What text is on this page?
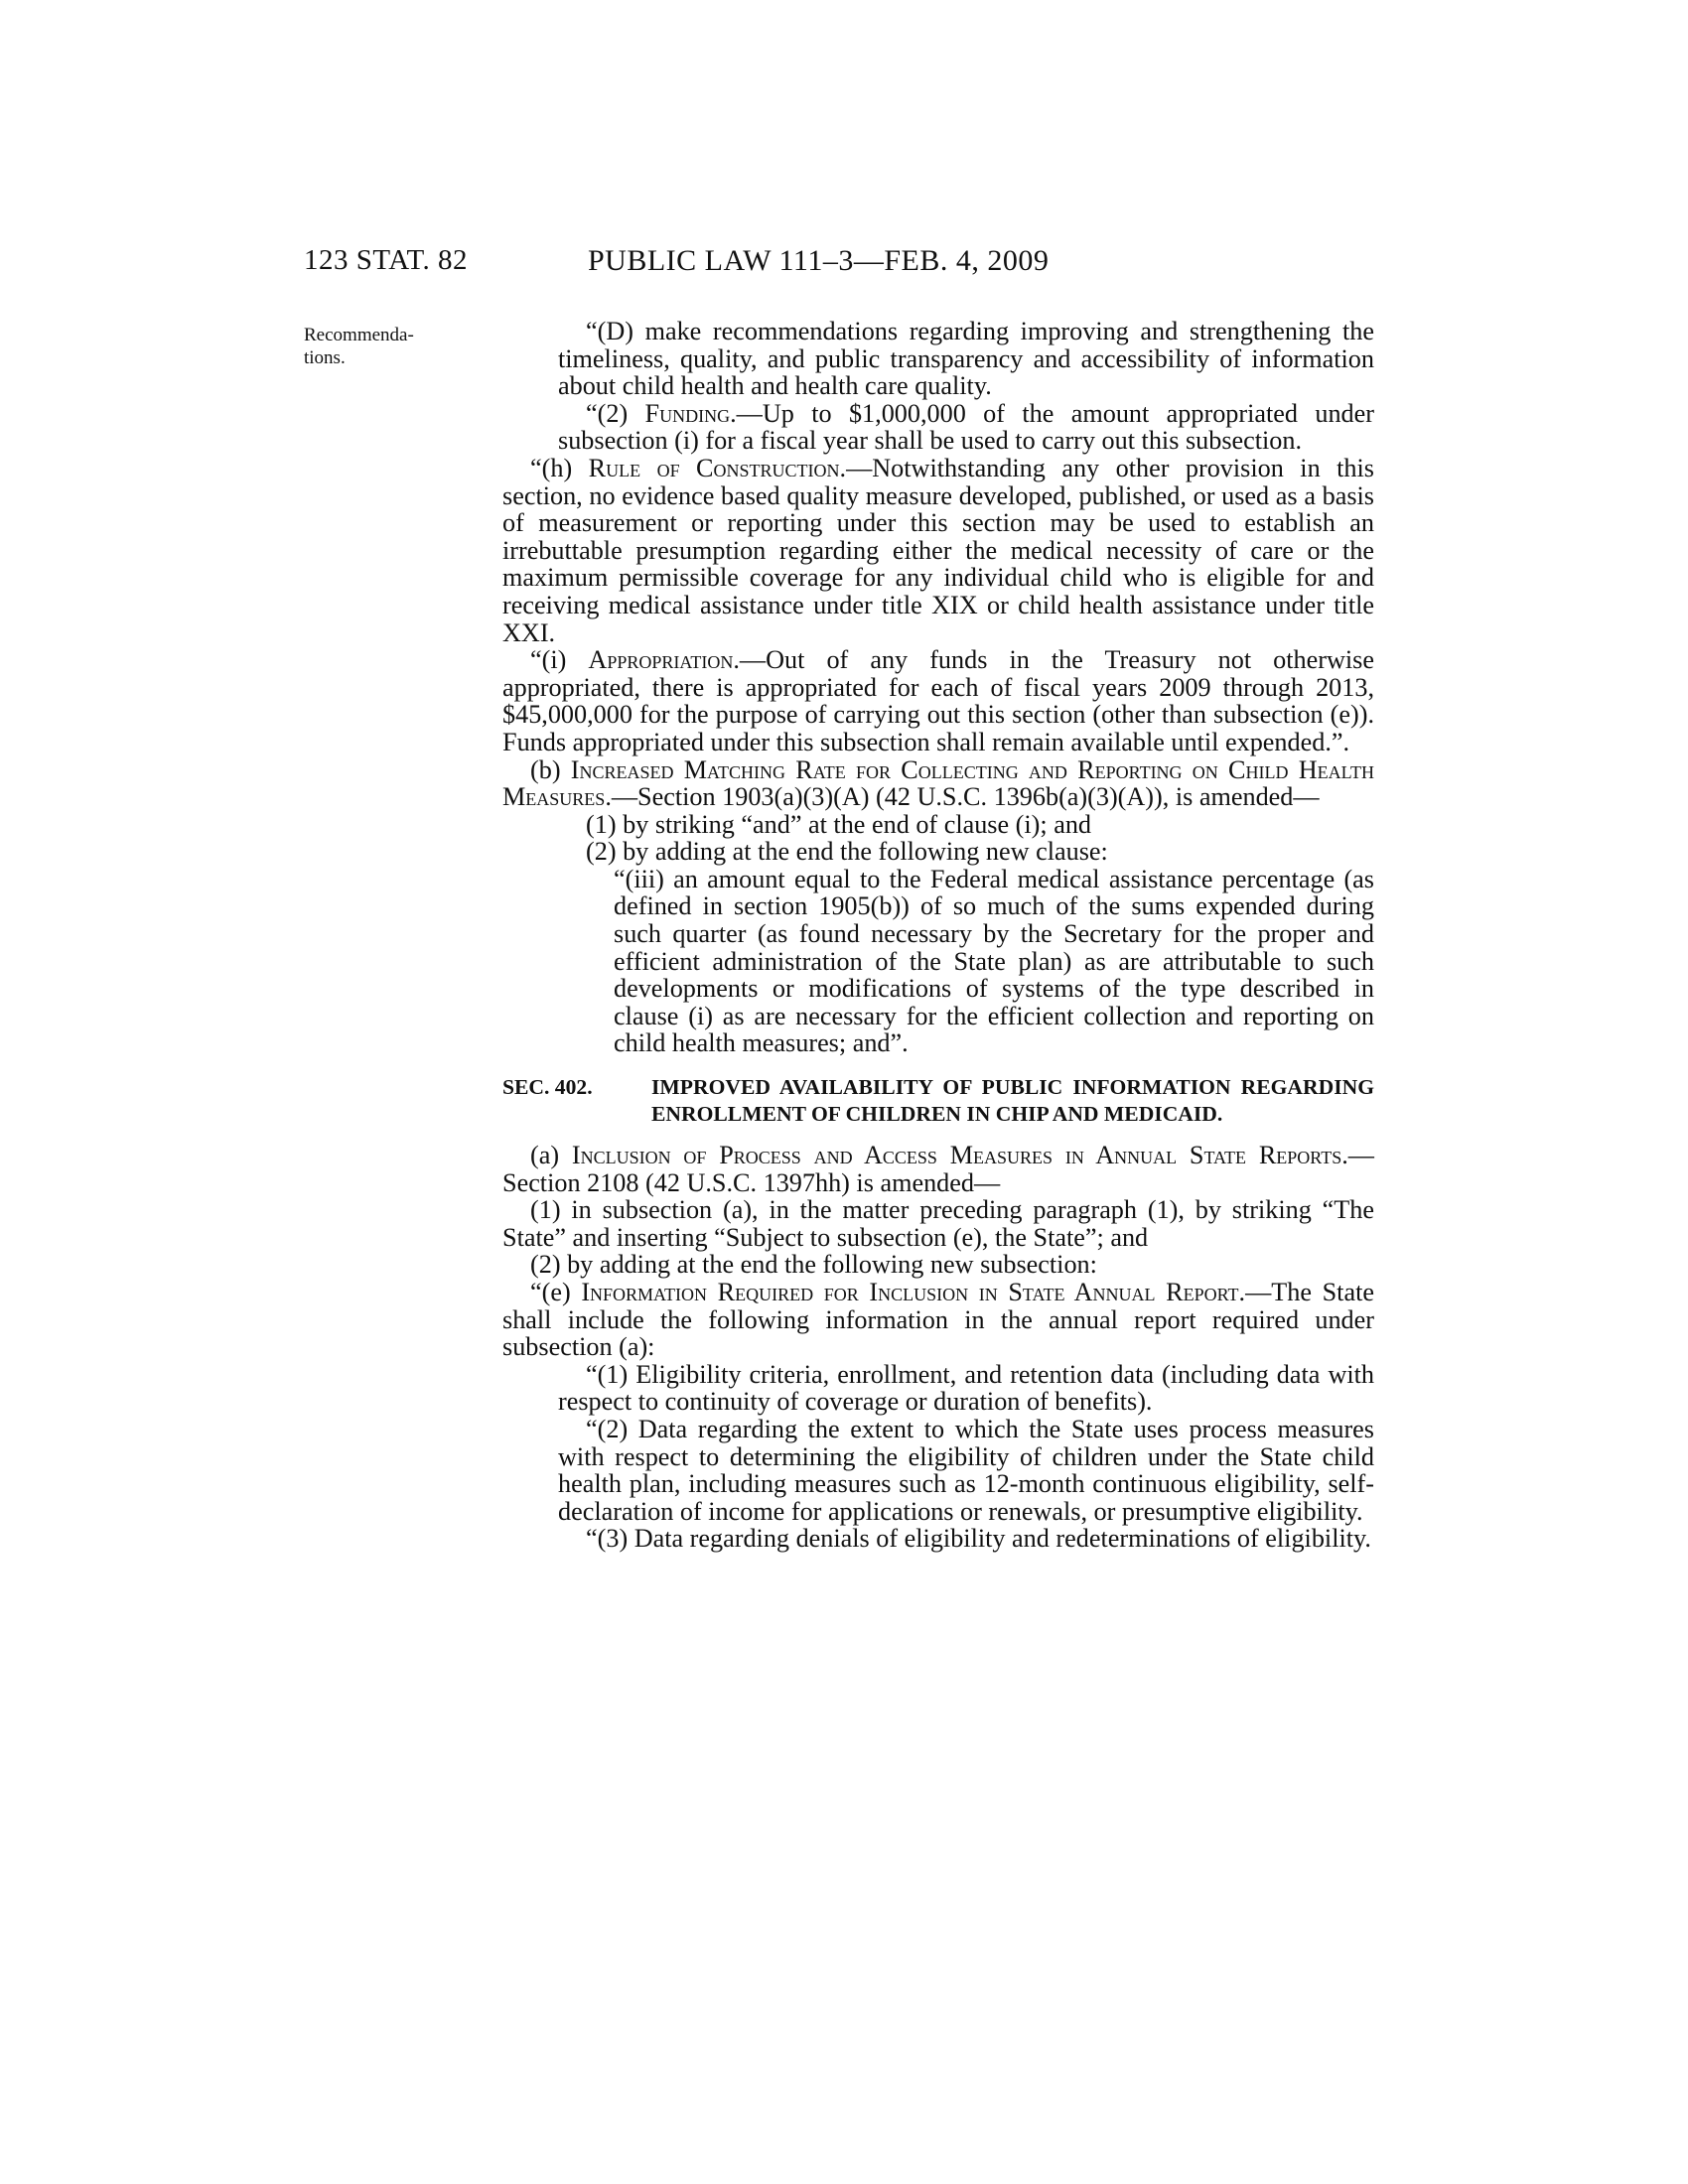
123 STAT. 82	PUBLIC LAW 111–3—FEB. 4, 2009
Recommenda-tions.

“(D) make recommendations regarding improving and strengthening the timeliness, quality, and public transparency and accessibility of information about child health and health care quality.

“(2) Funding.—Up to $1,000,000 of the amount appropriated under subsection (i) for a fiscal year shall be used to carry out this subsection.

“(h) Rule of Construction.—Notwithstanding any other provision in this section, no evidence based quality measure developed, published, or used as a basis of measurement or reporting under this section may be used to establish an irrebuttable presumption regarding either the medical necessity of care or the maximum permissible coverage for any individual child who is eligible for and receiving medical assistance under title XIX or child health assistance under title XXI.

“(i) Appropriation.—Out of any funds in the Treasury not otherwise appropriated, there is appropriated for each of fiscal years 2009 through 2013, $45,000,000 for the purpose of carrying out this section (other than subsection (e)). Funds appropriated under this subsection shall remain available until expended.”.

(b) Increased Matching Rate for Collecting and Reporting on Child Health Measures.—Section 1903(a)(3)(A) (42 U.S.C. 1396b(a)(3)(A)), is amended—

(1) by striking “and” at the end of clause (i); and

(2) by adding at the end the following new clause:

“(iii) an amount equal to the Federal medical assistance percentage (as defined in section 1905(b)) of so much of the sums expended during such quarter (as found necessary by the Secretary for the proper and efficient administration of the State plan) as are attributable to such developments or modifications of systems of the type described in clause (i) as are necessary for the efficient collection and reporting on child health measures; and”.

SEC. 402.	IMPROVED AVAILABILITY OF PUBLIC INFORMATION REGARDING ENROLLMENT OF CHILDREN IN CHIP AND MEDICAID.

(a) Inclusion of Process and Access Measures in Annual State Reports.—Section 2108 (42 U.S.C. 1397hh) is amended—

(1) in subsection (a), in the matter preceding paragraph (1), by striking “The State” and inserting “Subject to subsection (e), the State”; and

(2) by adding at the end the following new subsection:

“(e) Information Required for Inclusion in State Annual Report.—The State shall include the following information in the annual report required under subsection (a):

“(1) Eligibility criteria, enrollment, and retention data (including data with respect to continuity of coverage or duration of benefits).

“(2) Data regarding the extent to which the State uses process measures with respect to determining the eligibility of children under the State child health plan, including measures such as 12-month continuous eligibility, self-declaration of income for applications or renewals, or presumptive eligibility.

“(3) Data regarding denials of eligibility and redeterminations of eligibility.
